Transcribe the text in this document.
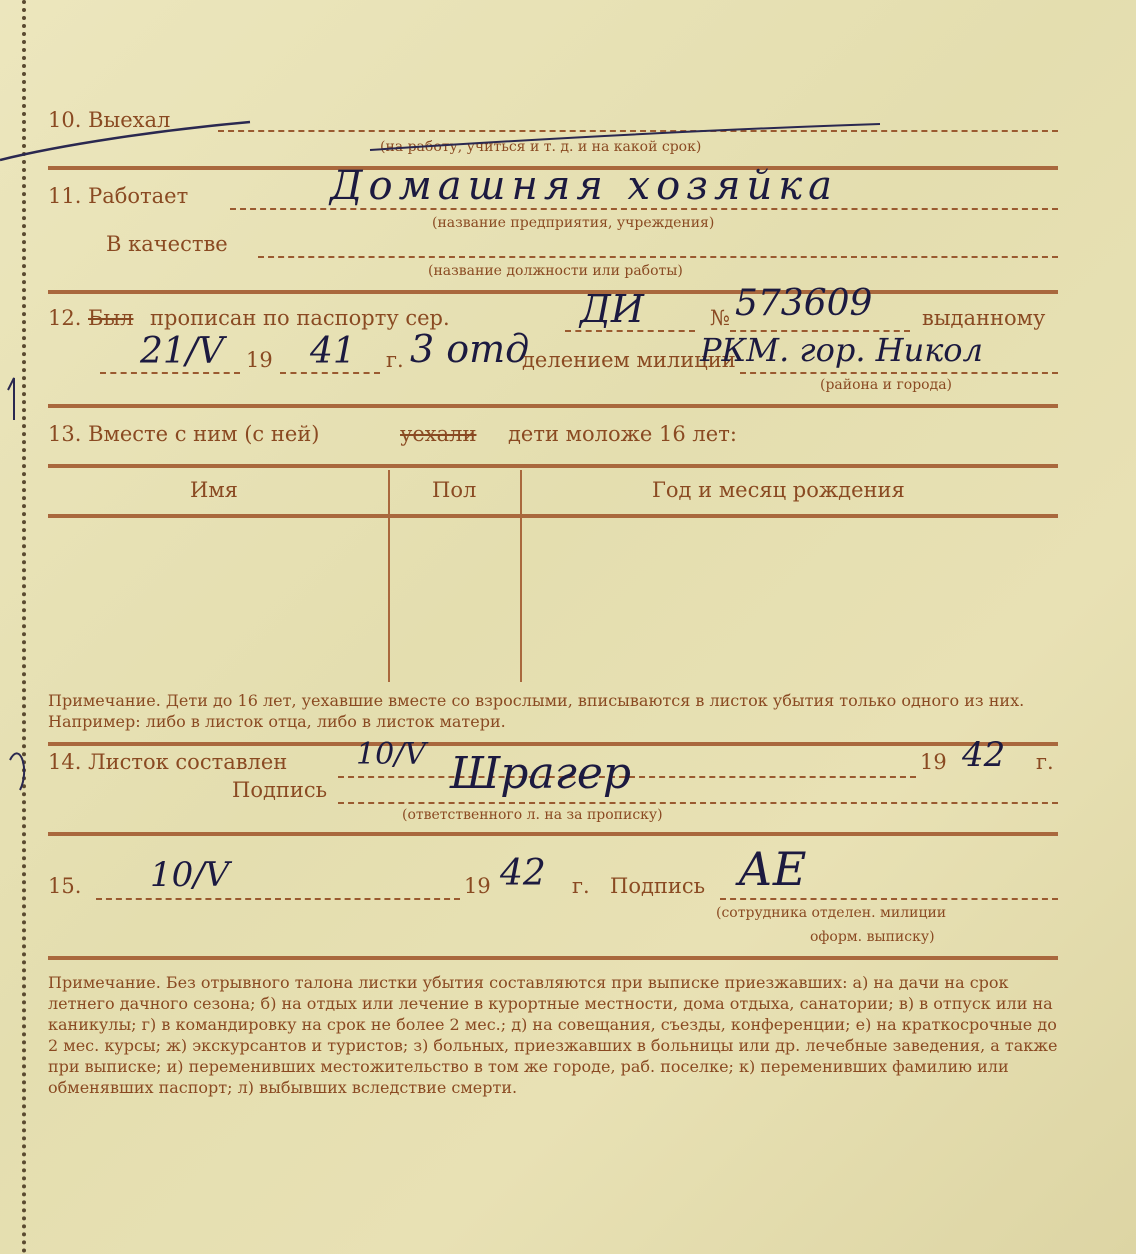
10. Выехал
(на работу, учиться и т. д. и на какой срок)
11. Работает	Домашняя хозяйка
(название предприятия, учреждения)
В качестве
(название должности или работы)
12. Был прописан по паспорту сер.	ДИ	№ 573609 выданному
21/V 19 41 г. 3 отд
делением милиции
РКМ. гор. Никол
(района и города)
13. Вместе с ним (с ней)	уехали дети моложе 16 лет:
Имя	Пол	Год и месяц рождения
Примечание. Дети до 16 лет, уехавшие вместе со взрослыми, вписываются в листок убытия только одного из них. Например: либо в листок отца, либо в листок матери.
14. Листок составлен 10/V	19 42 г.
Подпись	Шрагер
(ответственного л. на за прописку)
15. 10/V	19 42 г. Подпись АЕ
(сотрудника отделен. милиции
оформ. выписку)
Примечание. Без отрывного талона листки убытия составляются при выписке приезжавших: а) на дачи на срок летнего дачного сезона; б) на отдых или лечение в курортные местности, дома отдыха, санатории; в) в отпуск или на каникулы; г) в командировку на срок не более 2 мес.; д) на совещания, съезды, конференции; е) на краткосрочные до 2 мес. курсы; ж) экскурсантов и туристов; з) больных, приезжавших в больницы или др. лечебные заведения, а также при выписке; и) переменивших местожительство в том же городе, раб. поселке; к) переменивших фамилию или обменявших паспорт; л) выбывших вследствие смерти.
